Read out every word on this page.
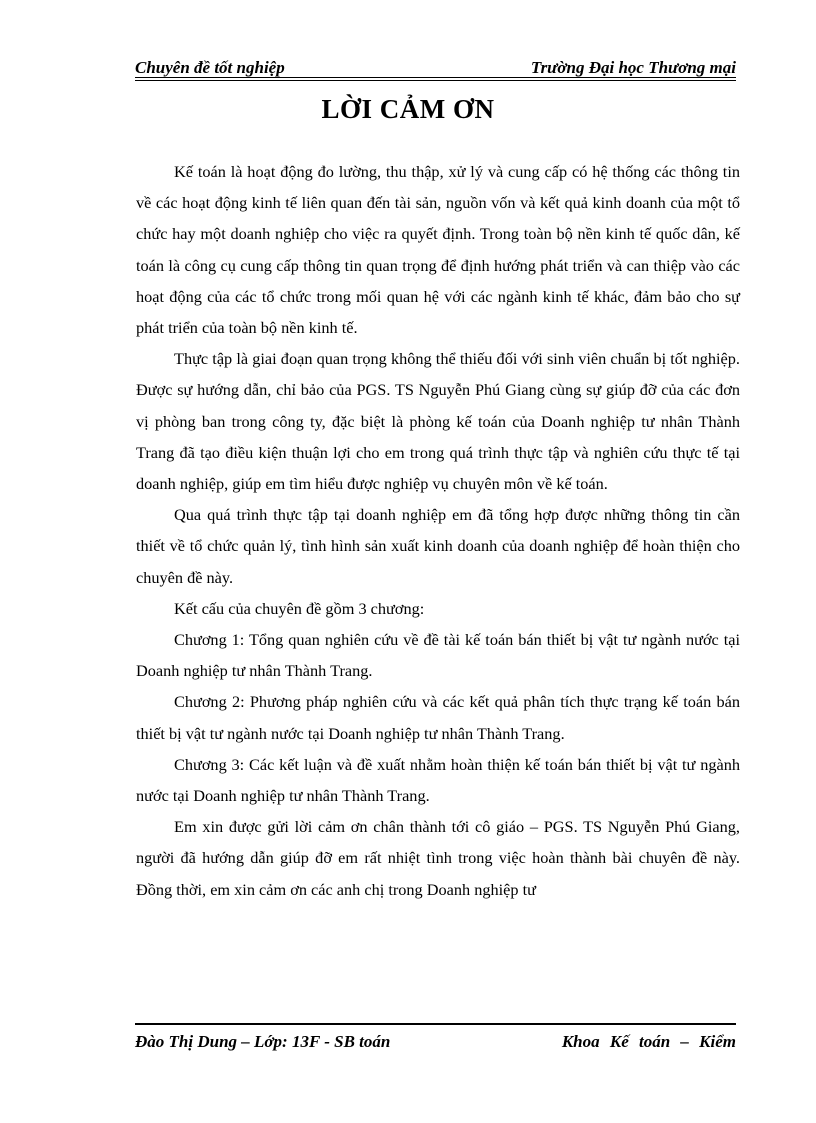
Chuyên đề tốt nghiệp	Trường Đại học Thương mại
LỜI CẢM ƠN

Kế toán là hoạt động đo lường, thu thập, xử lý và cung cấp có hệ thống các thông tin về các hoạt động kinh tế liên quan đến tài sản, nguồn vốn và kết quả kinh doanh của một tổ chức hay một doanh nghiệp cho việc ra quyết định. Trong toàn bộ nền kinh tế quốc dân, kế toán là công cụ cung cấp thông tin quan trọng để định hướng phát triển và can thiệp vào các hoạt động của các tổ chức trong mối quan hệ với các ngành kinh tế khác, đảm bảo cho sự phát triển của toàn bộ nền kinh tế.

Thực tập là giai đoạn quan trọng không thể thiếu đối với sinh viên chuẩn bị tốt nghiệp. Được sự hướng dẫn, chỉ bảo của PGS. TS Nguyễn Phú Giang cùng sự giúp đỡ của các đơn vị phòng ban trong công ty, đặc biệt là phòng kế toán của Doanh nghiệp tư nhân Thành Trang đã tạo điều kiện thuận lợi cho em trong quá trình thực tập và nghiên cứu thực tế tại doanh nghiệp, giúp em tìm hiểu được nghiệp vụ chuyên môn về kế toán.

Qua quá trình thực tập tại doanh nghiệp em đã tổng hợp được những thông tin cần thiết về tổ chức quản lý, tình hình sản xuất kinh doanh của doanh nghiệp để hoàn thiện cho chuyên đề này.

Kết cấu của chuyên đề gồm 3 chương:

Chương 1: Tổng quan nghiên cứu về đề tài kế toán bán thiết bị vật tư ngành nước tại Doanh nghiệp tư nhân Thành Trang.

Chương 2: Phương pháp nghiên cứu và các kết quả phân tích thực trạng kế toán bán thiết bị vật tư ngành nước tại Doanh nghiệp tư nhân Thành Trang.

Chương 3: Các kết luận và đề xuất nhằm hoàn thiện kế toán bán thiết bị vật tư ngành nước tại Doanh nghiệp tư nhân Thành Trang.

Em xin được gửi lời cảm ơn chân thành tới cô giáo – PGS. TS Nguyễn Phú Giang, người đã hướng dẫn giúp đỡ em rất nhiệt tình trong việc hoàn thành bài chuyên đề này. Đồng thời, em xin cảm ơn các anh chị trong Doanh nghiệp tư

Đào Thị Dung – Lớp: 13F - SB toán	Khoa Kế toán – Kiểm
